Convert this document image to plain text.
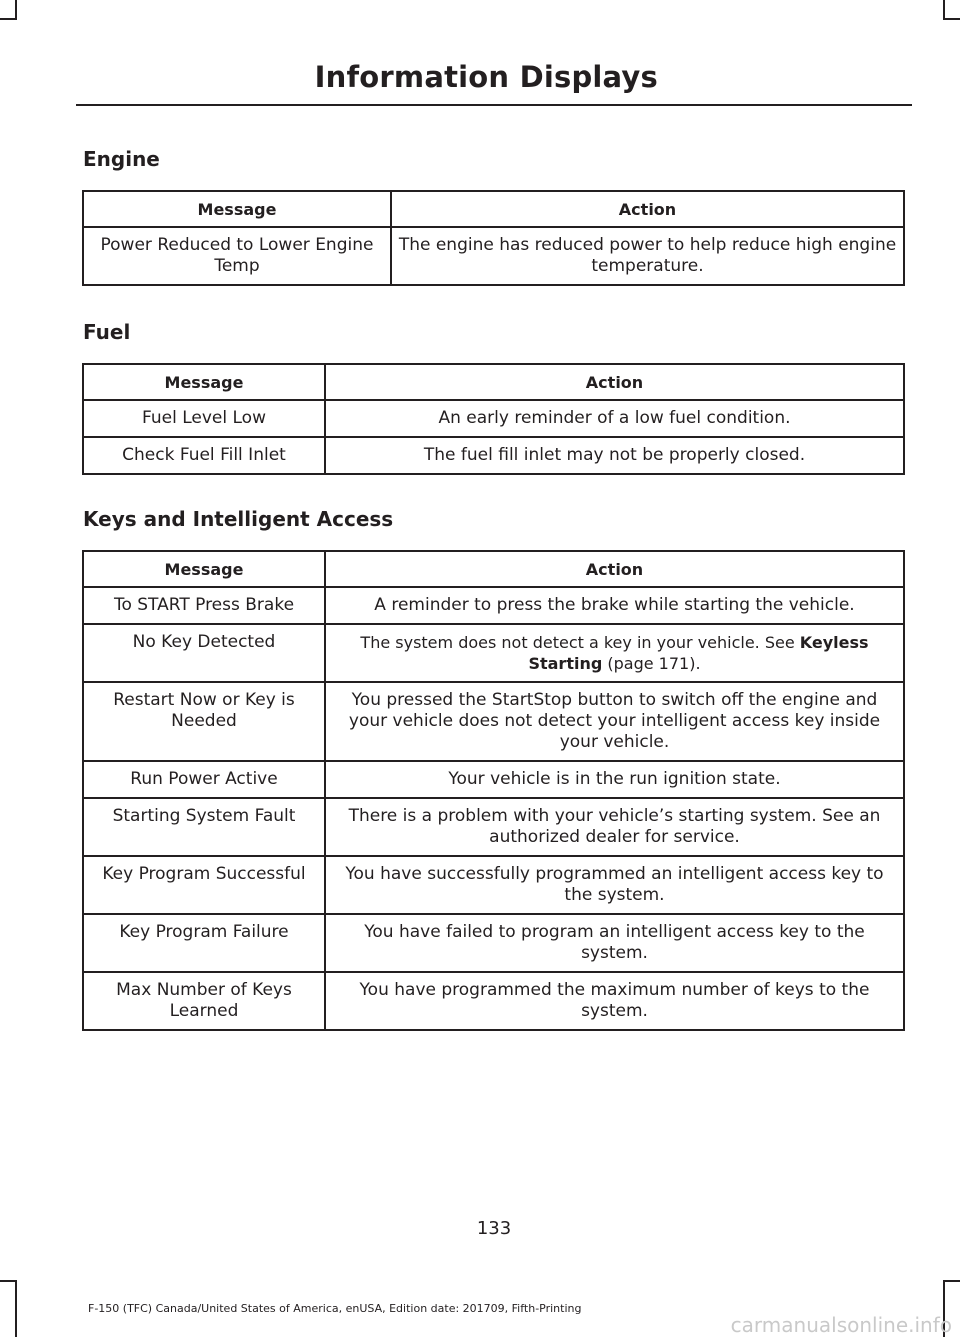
Information Displays
Engine
Message	Action
Power Reduced to Lower Engine Temp	The engine has reduced power to help reduce high engine temperature.
Fuel
Message	Action
Fuel Level Low	An early reminder of a low fuel condition.
Check Fuel Fill Inlet	The fuel fill inlet may not be properly closed.
Keys and Intelligent Access
Message	Action
To START Press Brake	A reminder to press the brake while starting the vehicle.
No Key Detected	The system does not detect a key in your vehicle. See Keyless Starting (page 171).
Restart Now or Key is Needed	You pressed the StartStop button to switch off the engine and your vehicle does not detect your intelligent access key inside your vehicle.
Run Power Active	Your vehicle is in the run ignition state.
Starting System Fault	There is a problem with your vehicle’s starting system. See an authorized dealer for service.
Key Program Successful	You have successfully programmed an intelligent access key to the system.
Key Program Failure	You have failed to program an intelligent access key to the system.
Max Number of Keys Learned	You have programmed the maximum number of keys to the system.
133
F-150 (TFC) Canada/United States of America, enUSA, Edition date: 201709, Fifth-Printing
carmanualsonline.info
